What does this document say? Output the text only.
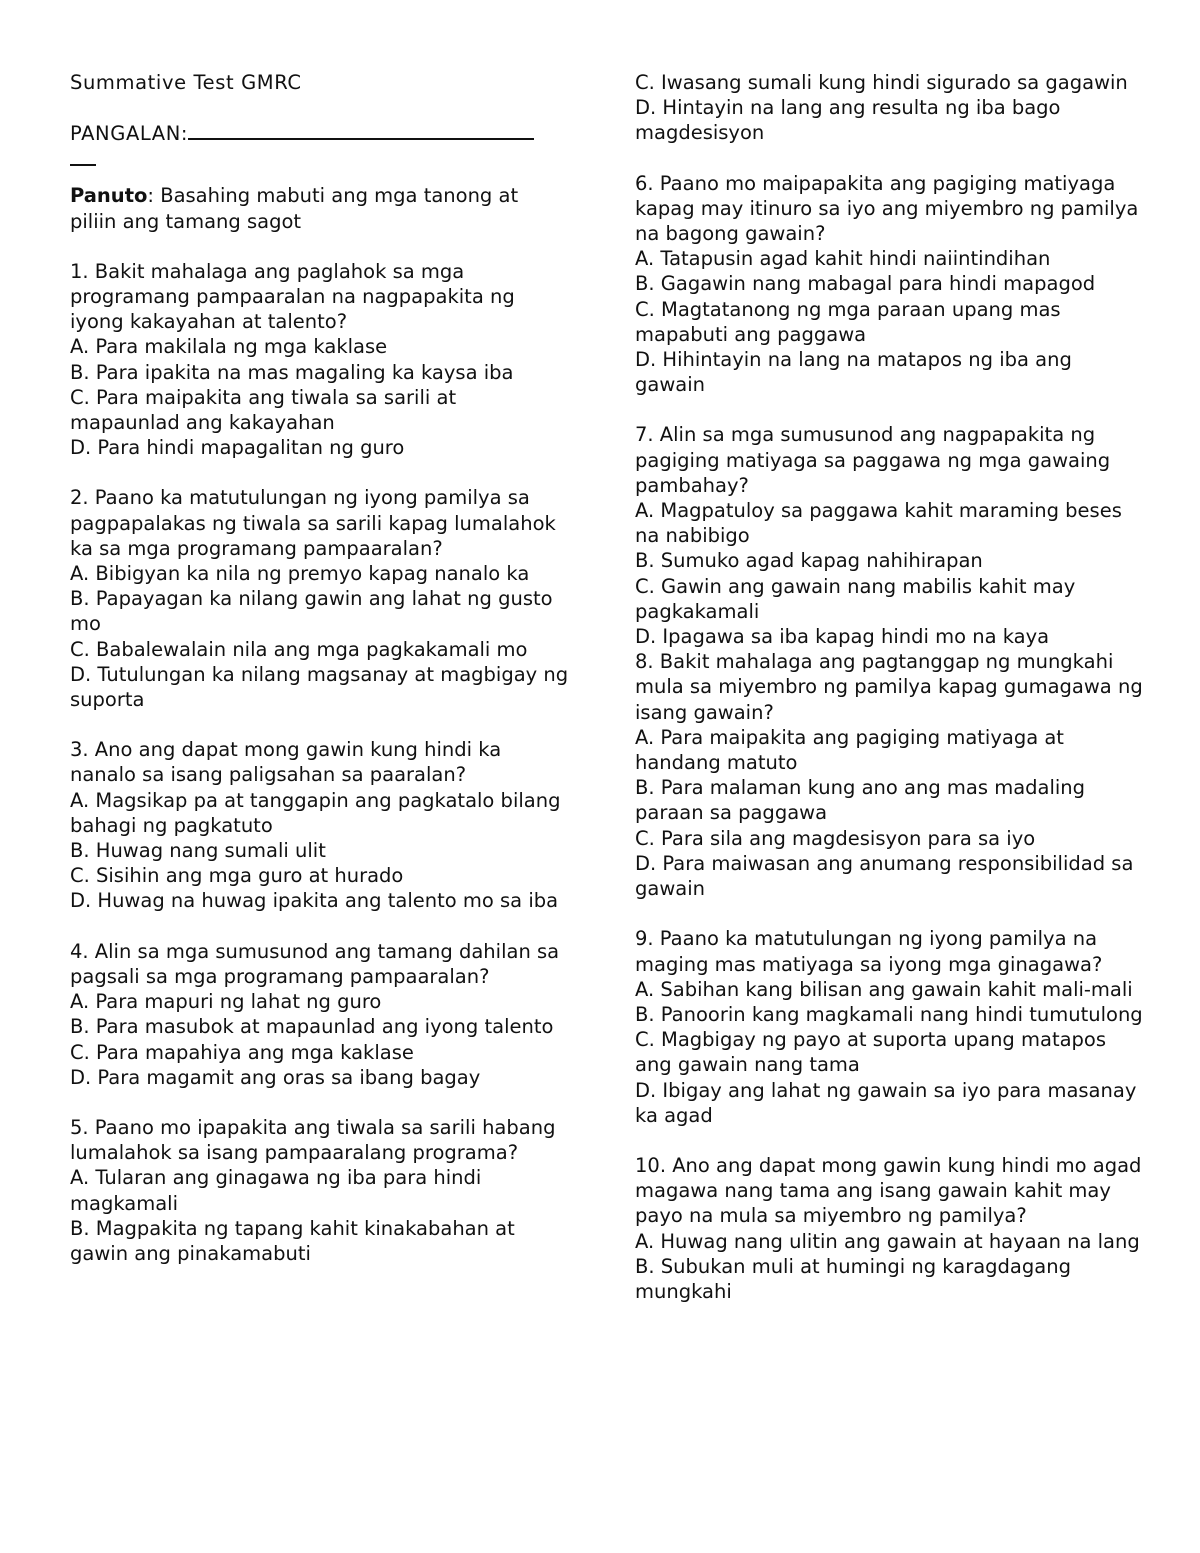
Summative Test GMRC
PANGALAN:
Panuto: Basahing mabuti ang mga tanong at piliin ang tamang sagot
1. Bakit mahalaga ang paglahok sa mga programang pampaaralan na nagpapakita ng iyong kakayahan at talento?
A. Para makilala ng mga kaklase
B. Para ipakita na mas magaling ka kaysa iba
C. Para maipakita ang tiwala sa sarili at mapaunlad ang kakayahan
D. Para hindi mapagalitan ng guro
2. Paano ka matutulungan ng iyong pamilya sa pagpapalakas ng tiwala sa sarili kapag lumalahok ka sa mga programang pampaaralan?
A. Bibigyan ka nila ng premyo kapag nanalo ka
B. Papayagan ka nilang gawin ang lahat ng gusto mo
C. Babalewalain nila ang mga pagkakamali mo
D. Tutulungan ka nilang magsanay at magbigay ng suporta
3. Ano ang dapat mong gawin kung hindi ka nanalo sa isang paligsahan sa paaralan?
A. Magsikap pa at tanggapin ang pagkatalo bilang bahagi ng pagkatuto
B. Huwag nang sumali ulit
C. Sisihin ang mga guro at hurado
D. Huwag na huwag ipakita ang talento mo sa iba
4. Alin sa mga sumusunod ang tamang dahilan sa pagsali sa mga programang pampaaralan?
A. Para mapuri ng lahat ng guro
B. Para masubok at mapaunlad ang iyong talento
C. Para mapahiya ang mga kaklase
D. Para magamit ang oras sa ibang bagay
5. Paano mo ipapakita ang tiwala sa sarili habang lumalahok sa isang pampaaralang programa?
A. Tularan ang ginagawa ng iba para hindi magkamali
B. Magpakita ng tapang kahit kinakabahan at gawin ang pinakamabuti
C. Iwasang sumali kung hindi sigurado sa gagawin
D. Hintayin na lang ang resulta ng iba bago magdesisyon
6. Paano mo maipapakita ang pagiging matiyaga kapag may itinuro sa iyo ang miyembro ng pamilya na bagong gawain?
A. Tatapusin agad kahit hindi naiintindihan
B. Gagawin nang mabagal para hindi mapagod
C. Magtatanong ng mga paraan upang mas mapabuti ang paggawa
D. Hihintayin na lang na matapos ng iba ang gawain
7. Alin sa mga sumusunod ang nagpapakita ng pagiging matiyaga sa paggawa ng mga gawaing pambahay?
A. Magpatuloy sa paggawa kahit maraming beses na nabibigo
B. Sumuko agad kapag nahihirapan
C. Gawin ang gawain nang mabilis kahit may pagkakamali
D. Ipagawa sa iba kapag hindi mo na kaya
8. Bakit mahalaga ang pagtanggap ng mungkahi mula sa miyembro ng pamilya kapag gumagawa ng isang gawain?
A. Para maipakita ang pagiging matiyaga at handang matuto
B. Para malaman kung ano ang mas madaling paraan sa paggawa
C. Para sila ang magdesisyon para sa iyo
D. Para maiwasan ang anumang responsibilidad sa gawain
9. Paano ka matutulungan ng iyong pamilya na maging mas matiyaga sa iyong mga ginagawa?
A. Sabihan kang bilisan ang gawain kahit mali-mali
B. Panoorin kang magkamali nang hindi tumutulong
C. Magbigay ng payo at suporta upang matapos ang gawain nang tama
D. Ibigay ang lahat ng gawain sa iyo para masanay ka agad
10. Ano ang dapat mong gawin kung hindi mo agad magawa nang tama ang isang gawain kahit may payo na mula sa miyembro ng pamilya?
A. Huwag nang ulitin ang gawain at hayaan na lang
B. Subukan muli at humingi ng karagdagang mungkahi
